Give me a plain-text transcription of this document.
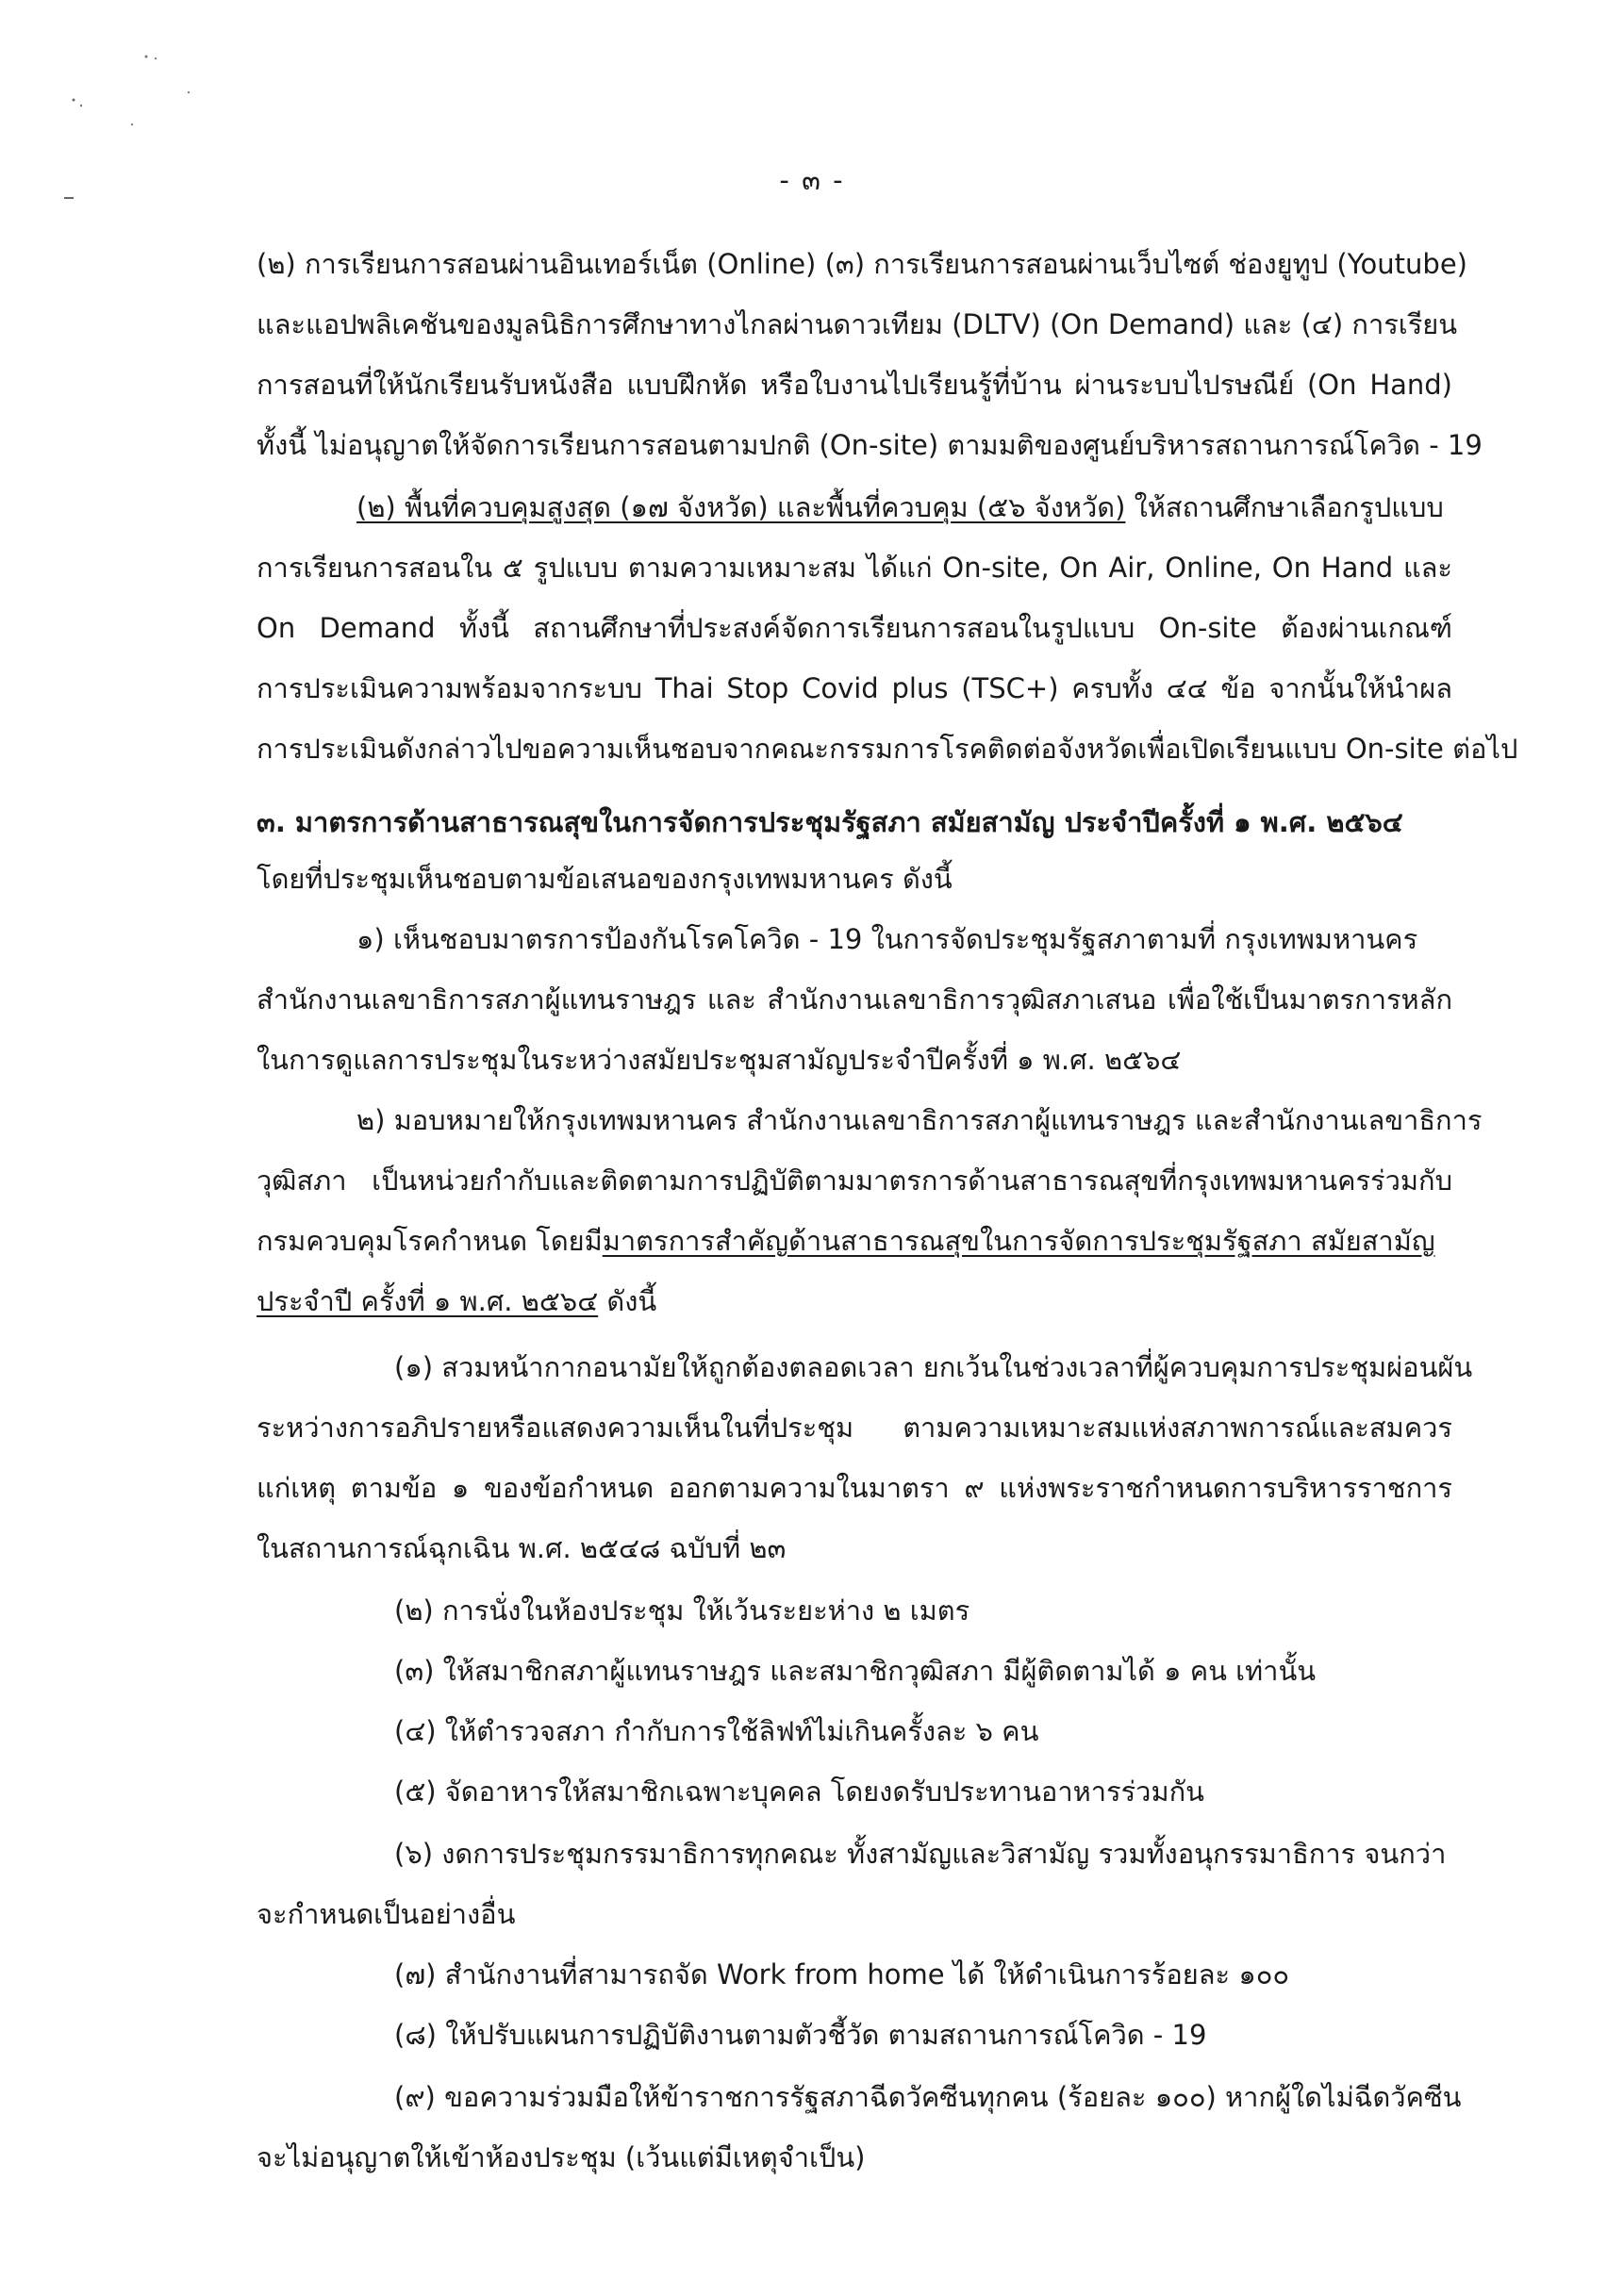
- ๓ -
(๒) การเรียนการสอนผ่านอินเทอร์เน็ต (Online) (๓) การเรียนการสอนผ่านเว็บไซต์ ช่องยูทูป (Youtube)
และแอปพลิเคชันของมูลนิธิการศึกษาทางไกลผ่านดาวเทียม (DLTV) (On Demand) และ (๔) การเรียน
การสอนที่ให้นักเรียนรับหนังสือ แบบฝึกหัด หรือใบงานไปเรียนรู้ที่บ้าน ผ่านระบบไปรษณีย์ (On Hand)
ทั้งนี้ ไม่อนุญาตให้จัดการเรียนการสอนตามปกติ (On-site) ตามมติของศูนย์บริหารสถานการณ์โควิด - 19
(๒) พื้นที่ควบคุมสูงสุด (๑๗ จังหวัด) และพื้นที่ควบคุม (๕๖ จังหวัด) ให้สถานศึกษาเลือกรูปแบบ
การเรียนการสอนใน ๕ รูปแบบ ตามความเหมาะสม ได้แก่ On-site, On Air, Online, On Hand และ
On Demand ทั้งนี้ สถานศึกษาที่ประสงค์จัดการเรียนการสอนในรูปแบบ On-site ต้องผ่านเกณฑ์
การประเมินความพร้อมจากระบบ Thai Stop Covid plus (TSC+) ครบทั้ง ๔๔ ข้อ จากนั้นให้นำผล
การประเมินดังกล่าวไปขอความเห็นชอบจากคณะกรรมการโรคติดต่อจังหวัดเพื่อเปิดเรียนแบบ On-site ต่อไป
๓. มาตรการด้านสาธารณสุขในการจัดการประชุมรัฐสภา สมัยสามัญ ประจำปีครั้งที่ ๑ พ.ศ. ๒๕๖๔
โดยที่ประชุมเห็นชอบตามข้อเสนอของกรุงเทพมหานคร ดังนี้
๑) เห็นชอบมาตรการป้องกันโรคโควิด - 19 ในการจัดประชุมรัฐสภาตามที่ กรุงเทพมหานคร
สำนักงานเลขาธิการสภาผู้แทนราษฎร และ สำนักงานเลขาธิการวุฒิสภาเสนอ เพื่อใช้เป็นมาตรการหลัก
ในการดูแลการประชุมในระหว่างสมัยประชุมสามัญประจำปีครั้งที่ ๑ พ.ศ. ๒๕๖๔
๒) มอบหมายให้กรุงเทพมหานคร สำนักงานเลขาธิการสภาผู้แทนราษฎร และสำนักงานเลขาธิการ
วุฒิสภา เป็นหน่วยกำกับและติดตามการปฏิบัติตามมาตรการด้านสาธารณสุขที่กรุงเทพมหานครร่วมกับ
กรมควบคุมโรคกำหนด โดยมีมาตรการสำคัญด้านสาธารณสุขในการจัดการประชุมรัฐสภา สมัยสามัญ
ประจำปี ครั้งที่ ๑ พ.ศ. ๒๕๖๔ ดังนี้
(๑) สวมหน้ากากอนามัยให้ถูกต้องตลอดเวลา ยกเว้นในช่วงเวลาที่ผู้ควบคุมการประชุมผ่อนผัน
ระหว่างการอภิปรายหรือแสดงความเห็นในที่ประชุม ตามความเหมาะสมแห่งสภาพการณ์และสมควร
แก่เหตุ ตามข้อ ๑ ของข้อกำหนด ออกตามความในมาตรา ๙ แห่งพระราชกำหนดการบริหารราชการ
ในสถานการณ์ฉุกเฉิน พ.ศ. ๒๕๔๘ ฉบับที่ ๒๓
(๒) การนั่งในห้องประชุม ให้เว้นระยะห่าง ๒ เมตร
(๓) ให้สมาชิกสภาผู้แทนราษฎร และสมาชิกวุฒิสภา มีผู้ติดตามได้ ๑ คน เท่านั้น
(๔) ให้ตำรวจสภา กำกับการใช้ลิฟท์ไม่เกินครั้งละ ๖ คน
(๕) จัดอาหารให้สมาชิกเฉพาะบุคคล โดยงดรับประทานอาหารร่วมกัน
(๖) งดการประชุมกรรมาธิการทุกคณะ ทั้งสามัญและวิสามัญ รวมทั้งอนุกรรมาธิการ จนกว่า
จะกำหนดเป็นอย่างอื่น
(๗) สำนักงานที่สามารถจัด Work from home ได้ ให้ดำเนินการร้อยละ ๑๐๐
(๘) ให้ปรับแผนการปฏิบัติงานตามตัวชี้วัด ตามสถานการณ์โควิด - 19
(๙) ขอความร่วมมือให้ข้าราชการรัฐสภาฉีดวัคซีนทุกคน (ร้อยละ ๑๐๐) หากผู้ใดไม่ฉีดวัคซีน
จะไม่อนุญาตให้เข้าห้องประชุม (เว้นแต่มีเหตุจำเป็น)
